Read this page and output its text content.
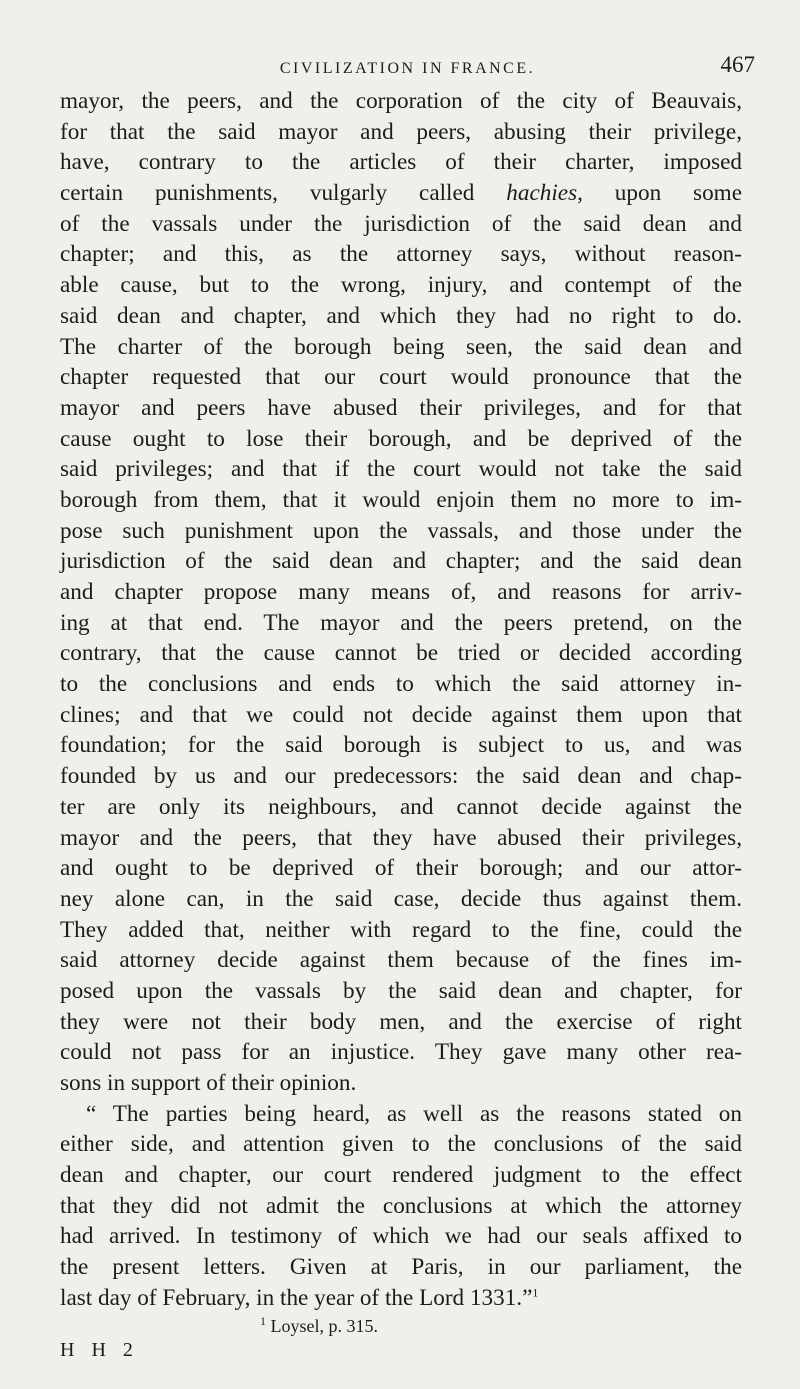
CIVILIZATION IN FRANCE.	467
mayor, the peers, and the corporation of the city of Beauvais,
for that the said mayor and peers, abusing their privilege,
have, contrary to the articles of their charter, imposed
certain punishments, vulgarly called hachies, upon some
of the vassals under the jurisdiction of the said dean and
chapter; and this, as the attorney says, without reason-
able cause, but to the wrong, injury, and contempt of the
said dean and chapter, and which they had no right to do.
The charter of the borough being seen, the said dean and
chapter requested that our court would pronounce that the
mayor and peers have abused their privileges, and for that
cause ought to lose their borough, and be deprived of the
said privileges; and that if the court would not take the said
borough from them, that it would enjoin them no more to im-
pose such punishment upon the vassals, and those under the
jurisdiction of the said dean and chapter; and the said dean
and chapter propose many means of, and reasons for arriv-
ing at that end. The mayor and the peers pretend, on the
contrary, that the cause cannot be tried or decided according
to the conclusions and ends to which the said attorney in-
clines; and that we could not decide against them upon that
foundation; for the said borough is subject to us, and was
founded by us and our predecessors: the said dean and chap-
ter are only its neighbours, and cannot decide against the
mayor and the peers, that they have abused their privileges,
and ought to be deprived of their borough; and our attor-
ney alone can, in the said case, decide thus against them.
They added that, neither with regard to the fine, could the
said attorney decide against them because of the fines im-
posed upon the vassals by the said dean and chapter, for
they were not their body men, and the exercise of right
could not pass for an injustice. They gave many other rea-
sons in support of their opinion.
“ The parties being heard, as well as the reasons stated on
either side, and attention given to the conclusions of the said
dean and chapter, our court rendered judgment to the effect
that they did not admit the conclusions at which the attorney
had arrived. In testimony of which we had our seals affixed to
the present letters. Given at Paris, in our parliament, the
last day of February, in the year of the Lord 1331.”$^1$
$^1$ Loysel, p. 315.
H H 2
